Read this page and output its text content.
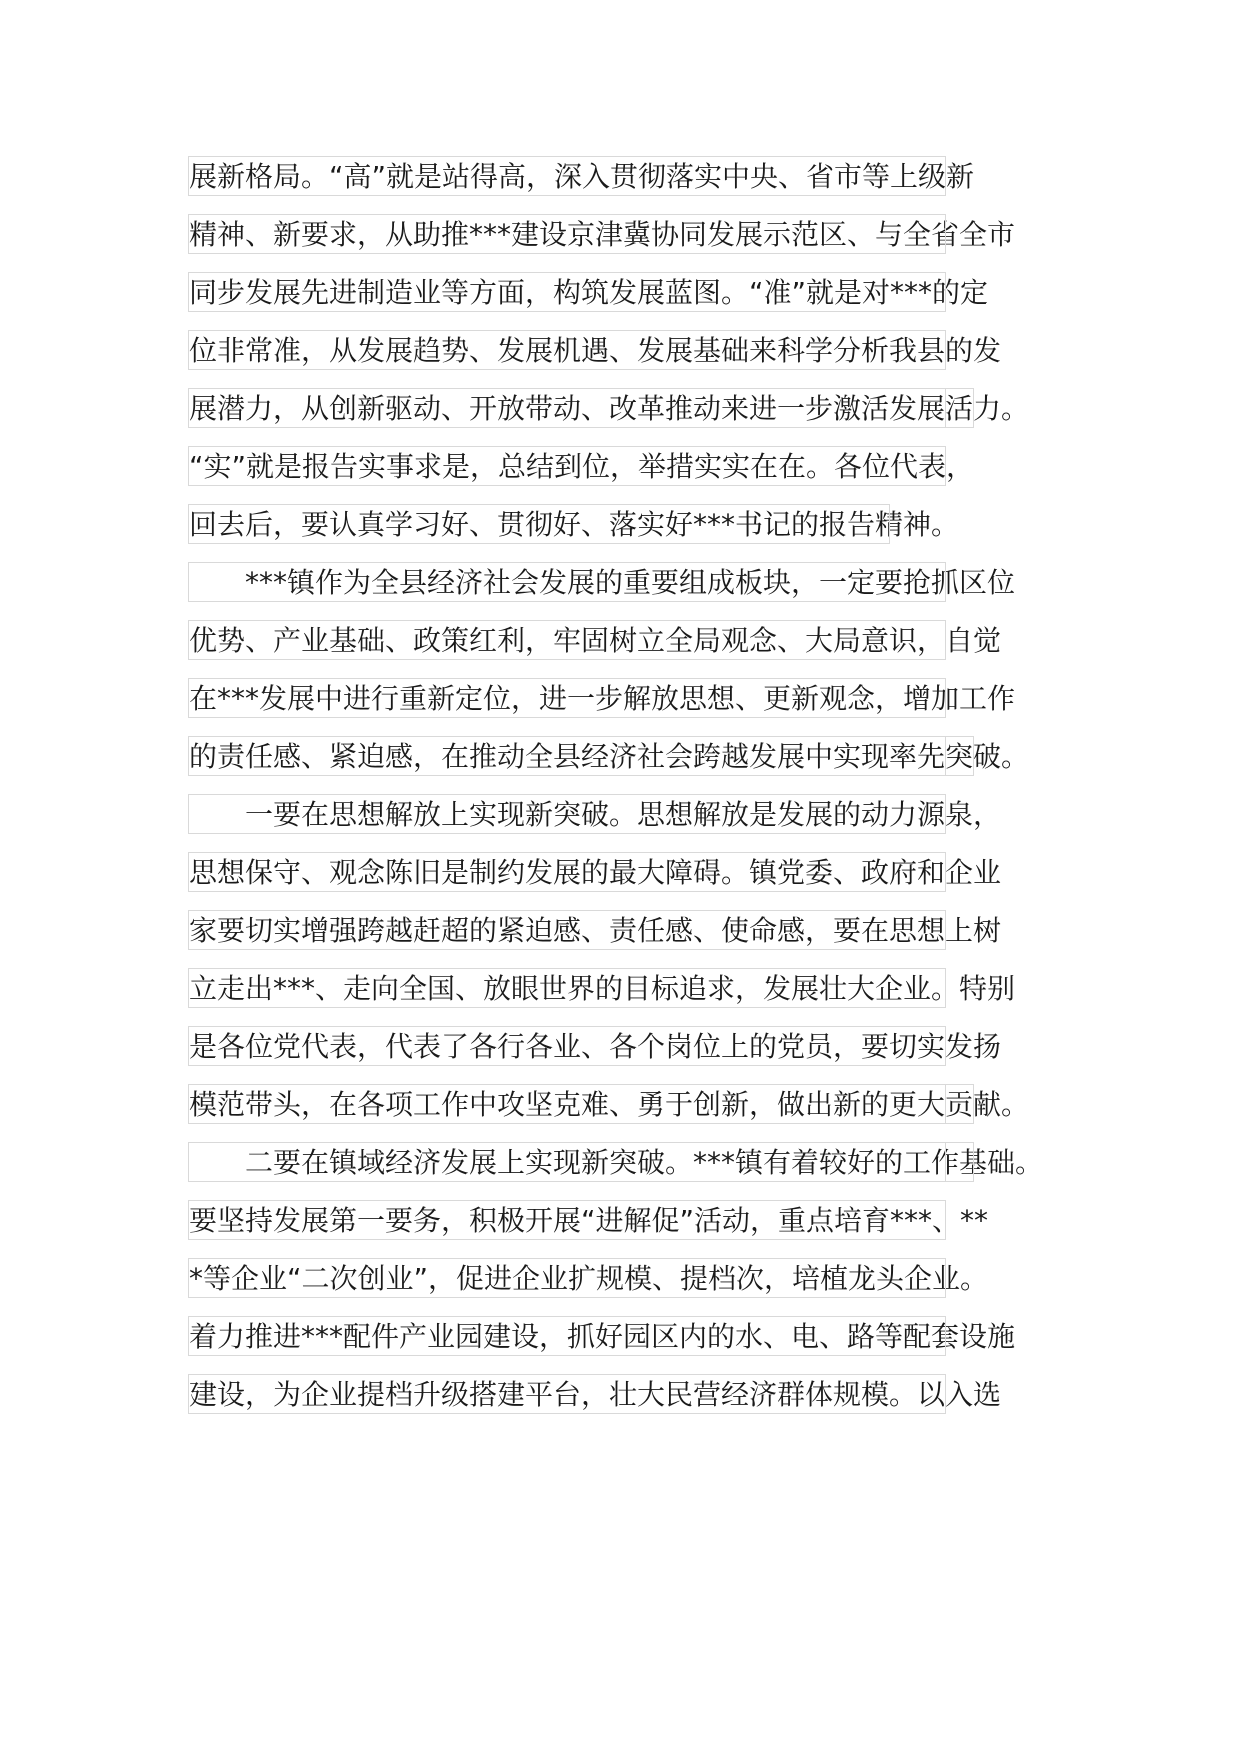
展新格局。“高”就是站得高，深入贯彻落实中央、省市等上级新
精神、新要求，从助推***建设京津冀协同发展示范区、与全省全市
同步发展先进制造业等方面，构筑发展蓝图。“准”就是对***的定
位非常准，从发展趋势、发展机遇、发展基础来科学分析我县的发
展潜力，从创新驱动、开放带动、改革推动来进一步激活发展活力。
“实”就是报告实事求是，总结到位，举措实实在在。各位代表，
回去后，要认真学习好、贯彻好、落实好***书记的报告精神。
***镇作为全县经济社会发展的重要组成板块，一定要抢抓区位
优势、产业基础、政策红利，牢固树立全局观念、大局意识，自觉
在***发展中进行重新定位，进一步解放思想、更新观念，增加工作
的责任感、紧迫感，在推动全县经济社会跨越发展中实现率先突破。
一要在思想解放上实现新突破。思想解放是发展的动力源泉，
思想保守、观念陈旧是制约发展的最大障碍。镇党委、政府和企业
家要切实增强跨越赶超的紧迫感、责任感、使命感，要在思想上树
立走出***、走向全国、放眼世界的目标追求，发展壮大企业。特别
是各位党代表，代表了各行各业、各个岗位上的党员，要切实发扬
模范带头，在各项工作中攻坚克难、勇于创新，做出新的更大贡献。
二要在镇域经济发展上实现新突破。***镇有着较好的工作基础。
要坚持发展第一要务，积极开展“进解促”活动，重点培育***、**
*等企业“二次创业”，促进企业扩规模、提档次，培植龙头企业。
着力推进***配件产业园建设，抓好园区内的水、电、路等配套设施
建设，为企业提档升级搭建平台，壮大民营经济群体规模。以入选
